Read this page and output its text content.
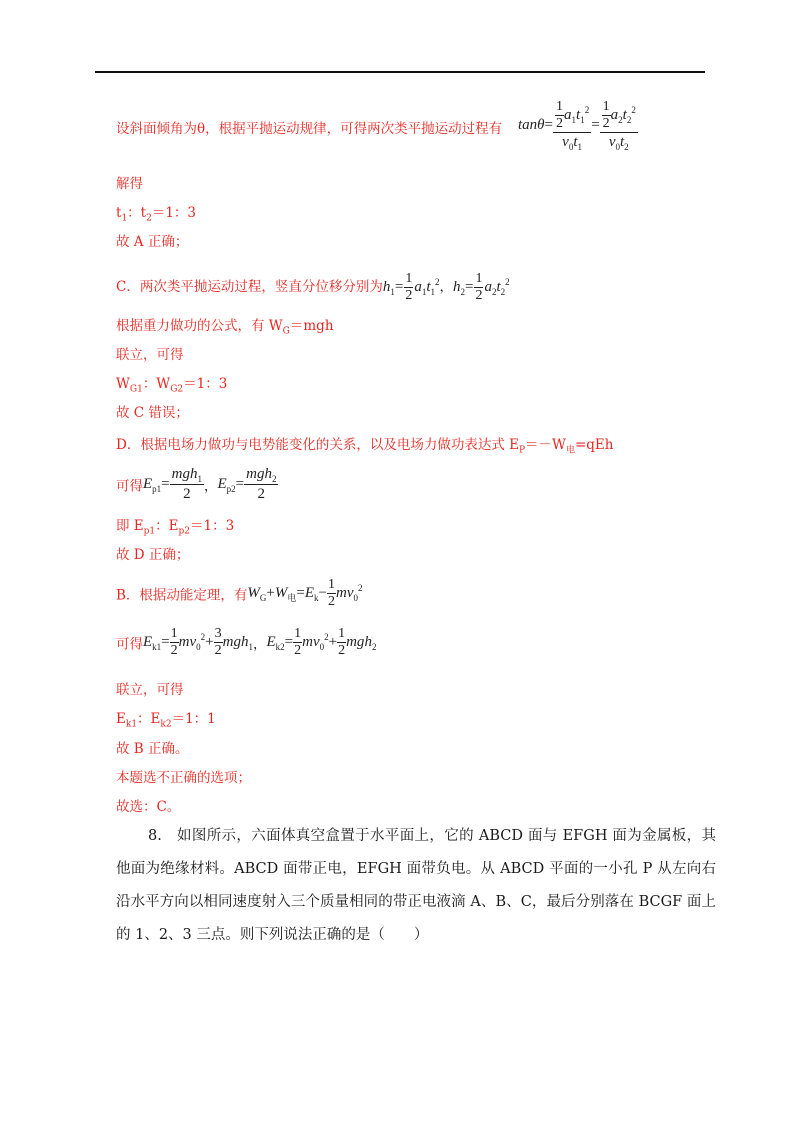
设斜面倾角为θ，根据平抛运动规律，可得两次类平抛运动过程有 $\tan\theta= \frac{\frac{1}{2} a_1t_1^2}{v_0t_1} = \frac{\frac{1}{2} a_2t_2^2}{v_0t_2}$
解得
$t_1$：$t_2=1$：3
故 A 正确；
C．两次类平抛运动过程，竖直分位移分别为$h_1= \frac{1}{2} a_1t_1^2$，$h_2= \frac{1}{2} a_2t_2^2$
根据重力做功的公式，有 $W_G=mgh$
联立，可得
$W_{G1}$：$W_{G2}=1$：3
故 C 错误；
D．根据电场力做功与电势能变化的关系，以及电场力做功表达式 $E_P=-W_电=qEh$
可得$E_{p1}= \frac{mgh_1}{2}$ ，$E_{p2}= \frac{mgh_2}{2}$
即 $E_{p1}$：$E_{p2}=1$：3
故 D 正确；
B．根据动能定理，有$W_G+W_电=E_k- \frac{1}{2} mv_0^2$
可得$E_{k1}= \frac{1}{2} mv_0^2+ \frac{3}{2} mgh_1$，$E_{k2}= \frac{1}{2} mv_0^2+ \frac{1}{2} mgh_2$
联立，可得
$E_{k1}$：$E_{k2}=1$：1
故 B 正确。
本题选不正确的选项；
故选：C。
8.　如图所示，六面体真空盒置于水平面上，它的 ABCD 面与 EFGH 面为金属板，其他面为绝缘材料。ABCD 面带正电，EFGH 面带负电。从 ABCD 平面的一小孔 P 从左向右沿水平方向以相同速度射入三个质量相同的带正电液滴 A、B、C，最后分别落在 BCGF 面上的 1、2、3 三点。则下列说法正确的是（　　）
